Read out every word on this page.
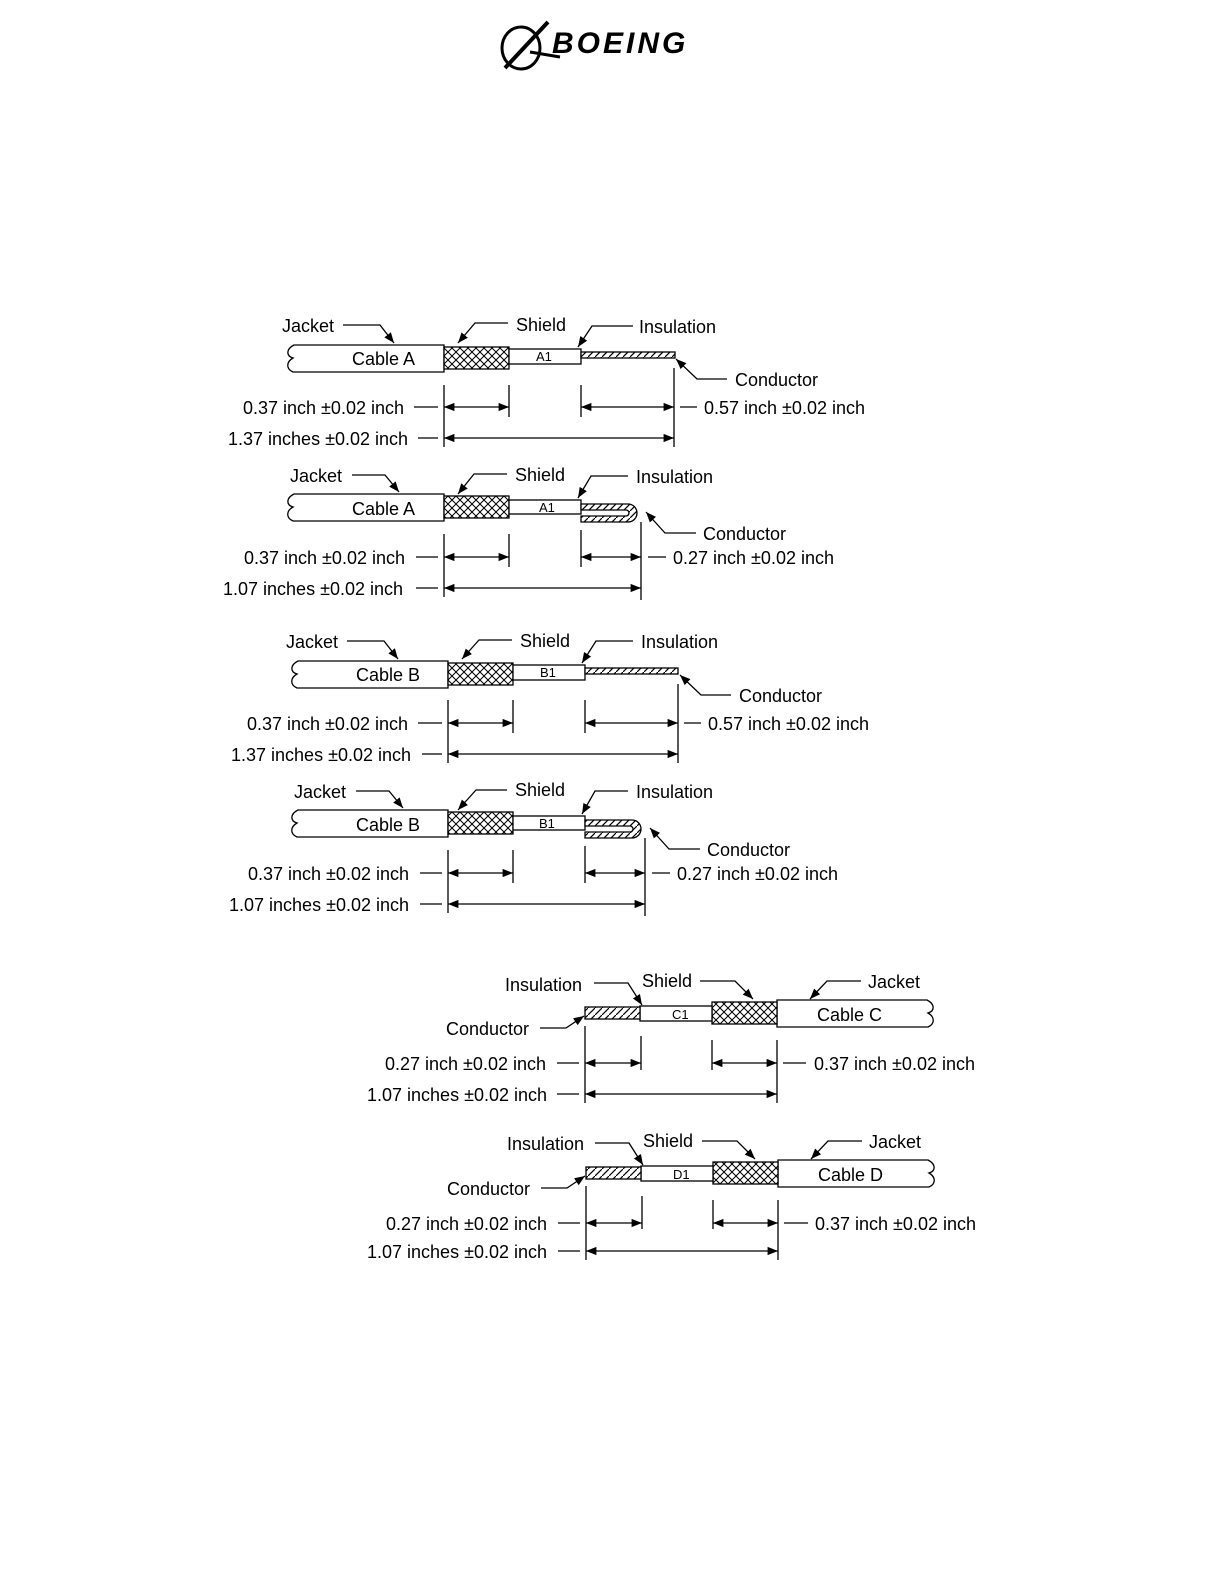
BOEING
Jacket	Shield	Insulation
Conductor
Cable A	A1
0.37 inch ±0.02 inch	0.57 inch ±0.02 inch
1.37 inches ±0.02 inch
Jacket	Shield	Insulation
Conductor
Cable A	A1
0.37 inch ±0.02 inch	0.27 inch ±0.02 inch
1.07 inches ±0.02 inch
Jacket	Shield	Insulation
Conductor
Cable B	B1
0.37 inch ±0.02 inch	0.57 inch ±0.02 inch
1.37 inches ±0.02 inch
Jacket	Shield	Insulation
Conductor
Cable B	B1
0.37 inch ±0.02 inch	0.27 inch ±0.02 inch
1.07 inches ±0.02 inch
Insulation	Shield	Jacket
Conductor
Cable C
C1
0.27 inch ±0.02 inch	0.37 inch ±0.02 inch
1.07 inches ±0.02 inch
Insulation	Shield	Jacket
Conductor
Cable D
D1
0.27 inch ±0.02 inch	0.37 inch ±0.02 inch
1.07 inches ±0.02 inch
